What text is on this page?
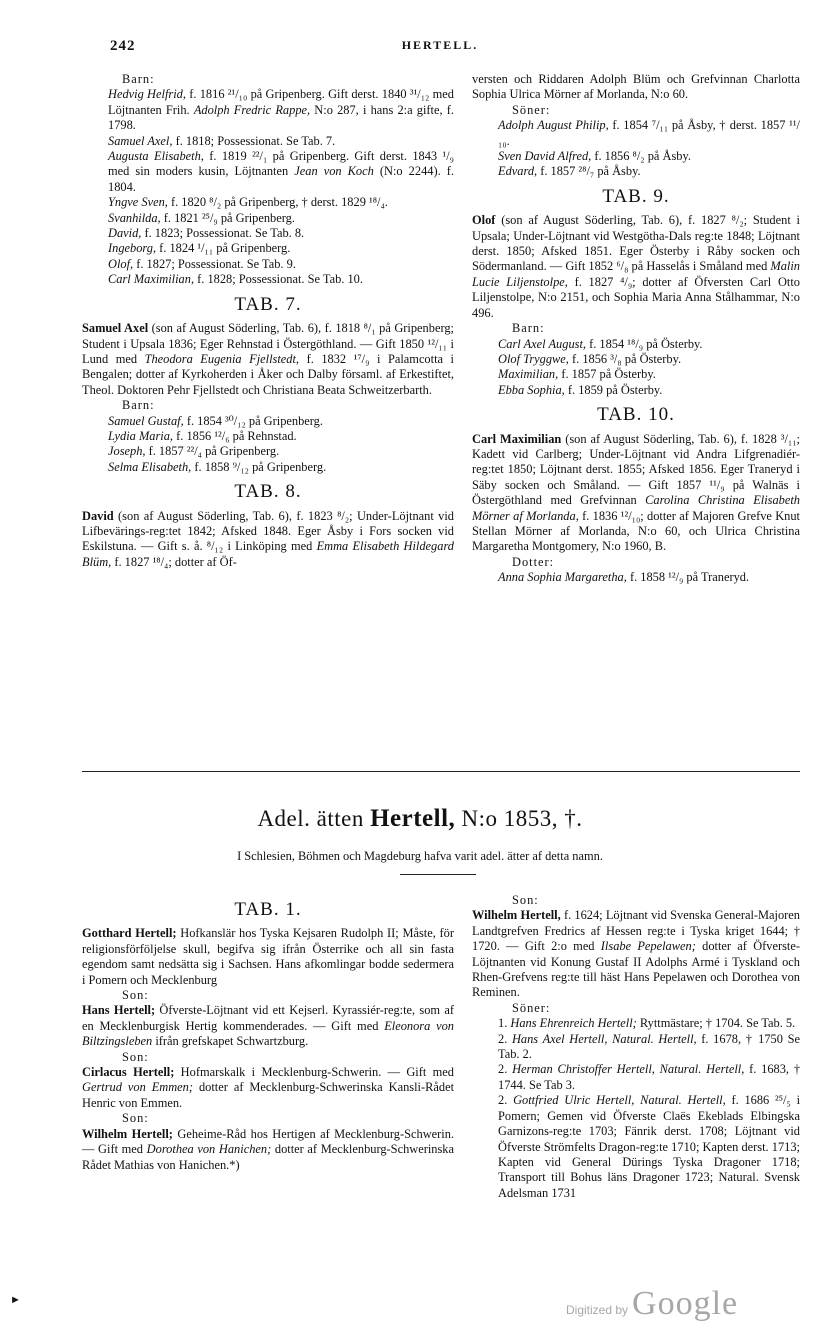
242	HERTELL.

Barn:

Hedvig Helfrid, f. 1816 ²¹/₁₀ på Gripenberg. Gift derst. 1840 ³¹/₁₂ med Löjtnanten Frih. Adolph Fredric Rappe, N:o 287, i hans 2:a gifte, f. 1798.

Samuel Axel, f. 1818; Possessionat. Se Tab. 7.

Augusta Elisabeth, f. 1819 ²²/₁ på Gripenberg. Gift derst. 1843 ¹/₉ med sin moders kusin, Löjtnanten Jean von Koch (N:o 2244). f. 1804.

Yngve Sven, f. 1820 ⁸/₂ på Gripenberg, † derst. 1829 ¹⁸/₄.

Svanhilda, f. 1821 ²⁵/₉ på Gripenberg.

David, f. 1823; Possessionat. Se Tab. 8.

Ingeborg, f. 1824 ¹/₁₁ på Gripenberg.

Olof, f. 1827; Possessionat. Se Tab. 9.

Carl Maximilian, f. 1828; Possessionat. Se Tab. 10.

TAB. 7.

Samuel Axel (son af August Söderling, Tab. 6), f. 1818 ⁸/₁ på Gripenberg; Student i Upsala 1836; Eger Rehnstad i Östergöthland. — Gift 1850 ¹²/₁₁ i Lund med Theodora Eugenia Fjellstedt, f. 1832 ¹⁷/₉ i Palamcotta i Bengalen; dotter af Kyrkoherden i Åker och Dalby församl. af Erkestiftet, Theol. Doktoren Pehr Fjellstedt och Christiana Beata Schweitzerbarth.

Barn:

Samuel Gustaf, f. 1854 ³⁰/₁₂ på Gripenberg.

Lydia Maria, f. 1856 ¹²/₆ på Rehnstad.

Joseph, f. 1857 ²²/₄ på Gripenberg.

Selma Elisabeth, f. 1858 ⁹/₁₂ på Gripenberg.

TAB. 8.

David (son af August Söderling, Tab. 6), f. 1823 ⁸/₂; Under-Löjtnant vid Lifbevärings-reg:tet 1842; Afsked 1848. Eger Åsby i Fors socken vid Eskilstuna. — Gift s. å. ⁸/₁₂ i Linköping med Emma Elisabeth Hildegard Blüm, f. 1827 ¹⁸/₄; dotter af Öf-

versten och Riddaren Adolph Blüm och Grefvinnan Charlotta Sophia Ulrica Mörner af Morlanda, N:o 60.

Söner:

Adolph August Philip, f. 1854 ⁷/₁₁ på Åsby, † derst. 1857 ¹¹/₁₀.

Sven David Alfred, f. 1856 ⁸/₂ på Åsby.

Edvard, f. 1857 ²⁸/₇ på Åsby.

TAB. 9.

Olof (son af August Söderling, Tab. 6), f. 1827 ⁸/₂; Student i Upsala; Under-Löjtnant vid Westgötha-Dals reg:te 1848; Löjtnant derst. 1850; Afsked 1851. Eger Österby i Råby socken och Södermanland. — Gift 1852 ⁶/₈ på Hasselås i Småland med Malin Lucie Liljenstolpe, f. 1827 ⁴/₉; dotter af Öfversten Carl Otto Liljenstolpe, N:o 2151, och Sophia Maria Anna Stålhammar, N:o 496.

Barn:

Carl Axel August, f. 1854 ¹⁸/₉ på Österby.

Olof Tryggwe, f. 1856 ³/₈ på Österby.

Maximilian, f. 1857 på Österby.

Ebba Sophia, f. 1859 på Österby.

TAB. 10.

Carl Maximilian (son af August Söderling, Tab. 6), f. 1828 ³/₁₁; Kadett vid Carlberg; Under-Löjtnant vid Andra Lifgrenadiér-reg:tet 1850; Löjtnant derst. 1855; Afsked 1856. Eger Traneryd i Säby socken och Småland. — Gift 1857 ¹¹/₉ på Walnäs i Östergöthland med Grefvinnan Carolina Christina Elisabeth Mörner af Morlanda, f. 1836 ¹²/₁₀; dotter af Majoren Grefve Knut Stellan Mörner af Morlanda, N:o 60, och Ulrica Christina Margaretha Montgomery, N:o 1960, B.

Dotter:

Anna Sophia Margaretha, f. 1858 ¹²/₉ på Traneryd.

Adel. ätten Hertell, N:o 1853, †.
I Schlesien, Böhmen och Magdeburg hafva varit adel. ätter af detta namn.
TAB. 1.

Gotthard Hertell; Hofkanslär hos Tyska Kejsaren Rudolph II; Måste, för religionsförföljelse skull, begifva sig ifrån Österrike och all sin fasta egendom samt nedsätta sig i Sachsen. Hans afkomlingar bodde sedermera i Pomern och Mecklenburg

Son:

Hans Hertell; Öfverste-Löjtnant vid ett Kejserl. Kyrassiér-reg:te, som af en Mecklenburgisk Hertig kommenderades. — Gift med Eleonora von Biltzingsleben ifrån grefskapet Schwartzburg.

Son:

Cirlacus Hertell; Hofmarskalk i Mecklenburg-Schwerin. — Gift med Gertrud von Emmen; dotter af Mecklenburg-Schwerinska Kansli-Rådet Henric von Emmen.

Son:

Wilhelm Hertell; Geheime-Råd hos Hertigen af Mecklenburg-Schwerin. — Gift med Dorothea von Hanichen; dotter af Mecklenburg-Schwerinska Rådet Mathias von Hanichen.*)

Son:

Wilhelm Hertell, f. 1624; Löjtnant vid Svenska General-Majoren Landtgrefven Fredrics af Hessen reg:te i Tyska kriget 1644; † 1720. — Gift 2:o med Ilsabe Pepelawen; dotter af Öfverste-Löjtnanten vid Konung Gustaf II Adolphs Armé i Tyskland och Rhen-Grefvens reg:te till häst Hans Pepelawen och Dorothea von Reminen.

Söner:

1. Hans Ehrenreich Hertell; Ryttmästare; † 1704. Se Tab. 5.

2. Hans Axel Hertell, Natural. Hertell, f. 1678, † 1750 Se Tab. 2.

2. Herman Christoffer Hertell, Natural. Hertell, f. 1683, † 1744. Se Tab 3.

2. Gottfried Ulric Hertell, Natural. Hertell, f. 1686 ²⁵/₅ i Pomern; Gemen vid Öfverste Claës Ekeblads Elbingska Garnizons-reg:te 1703; Fänrik derst. 1708; Löjtnant vid Öfverste Strömfelts Dragon-reg:te 1710; Kapten derst. 1713; Kapten vid General Dürings Tyska Dragoner 1718; Transport till Bohus läns Dragoner 1723; Natural. Svensk Adelsman 1731

►
Digitized by Google
